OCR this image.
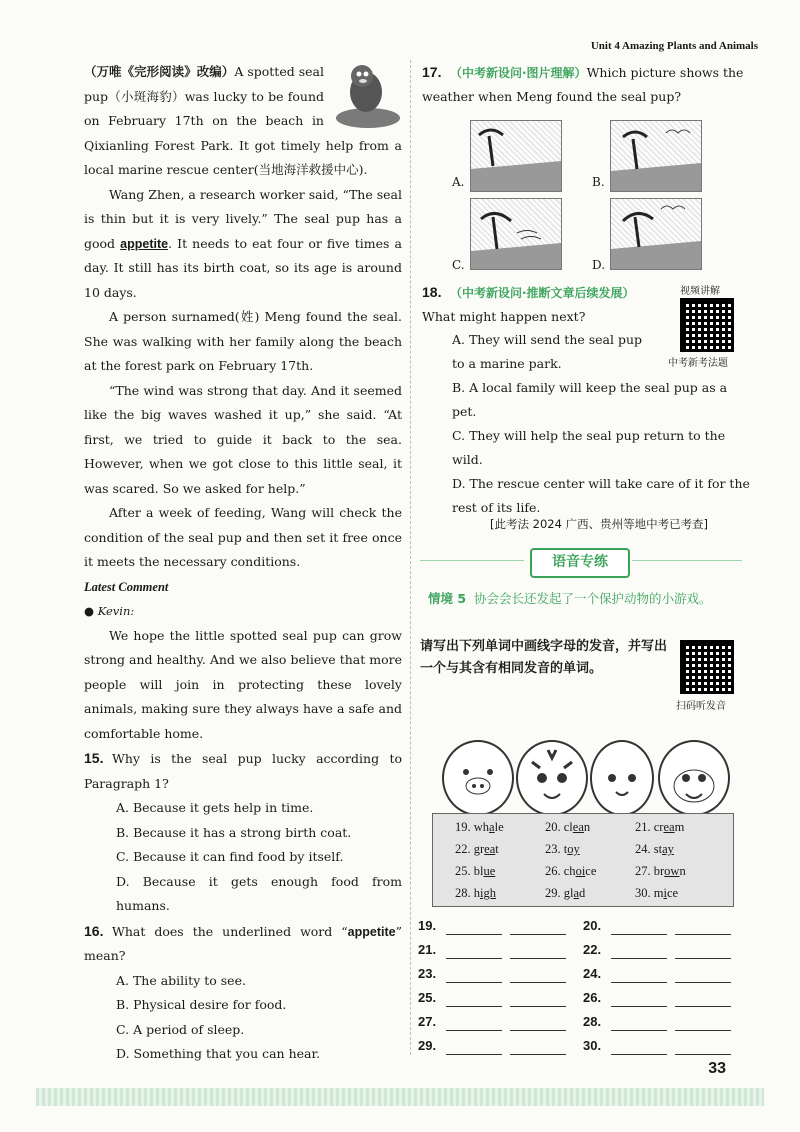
Unit 4 Amazing Plants and Animals

（万唯《完形阅读》改编）A spotted seal pup（小斑海豹）was lucky to be found on February 17th on the beach in Qixianling Forest Park. It got timely help from a local marine rescue center(当地海洋救援中心).

Wang Zhen, a research worker said, “The seal is thin but it is very lively.” The seal pup has a good appetite. It needs to eat four or five times a day. It still has its birth coat, so its age is around 10 days.

A person surnamed(姓) Meng found the seal. She was walking with her family along the beach at the forest park on February 17th.

“The wind was strong that day. And it seemed like the big waves washed it up,” she said. “At first, we tried to guide it back to the sea. However, when we got close to this little seal, it was scared. So we asked for help.”

After a week of feeding, Wang will check the condition of the seal pup and then set it free once it meets the necessary conditions.

Latest Comment

● Kevin:

We hope the little spotted seal pup can grow strong and healthy. And we also believe that more people will join in protecting these lovely animals, making sure they always have a safe and comfortable home.

15. Why is the seal pup lucky according to Paragraph 1?

A. Because it gets help in time.

B. Because it has a strong birth coat.

C. Because it can find food by itself.

D. Because it gets enough food from humans.

16. What does the underlined word “appetite” mean?

A. The ability to see.

B. Physical desire for food.

C. A period of sleep.

D. Something that you can hear.

17. （中考新设问·图片理解）Which picture shows the weather when Meng found the seal pup?

A.	B.
C.	D.

18. （中考新设问·推断文章后续发展）What might happen next?

视频讲解
中考新考法题

A. They will send the seal pup to a marine park.

B. A local family will keep the seal pup as a pet.

C. They will help the seal pup return to the wild.

D. The rescue center will take care of it for the rest of its life.

[此考法 2024 广西、贵州等地中考已考查]
语音专练
情境 5 协会会长还发起了一个保护动物的小游戏。
请写出下列单词中画线字母的发音，并写出一个与其含有相同发音的单词。
扫码听发音
19. whale	20. clean	21. cream
22. great	23. toy	24. stay
25. blue	26. choice	27. brown
28. high	29. glad	30. mice
19.	20.
21.	22.
23.	24.
25.	26.
27.	28.
29.	30.
33
